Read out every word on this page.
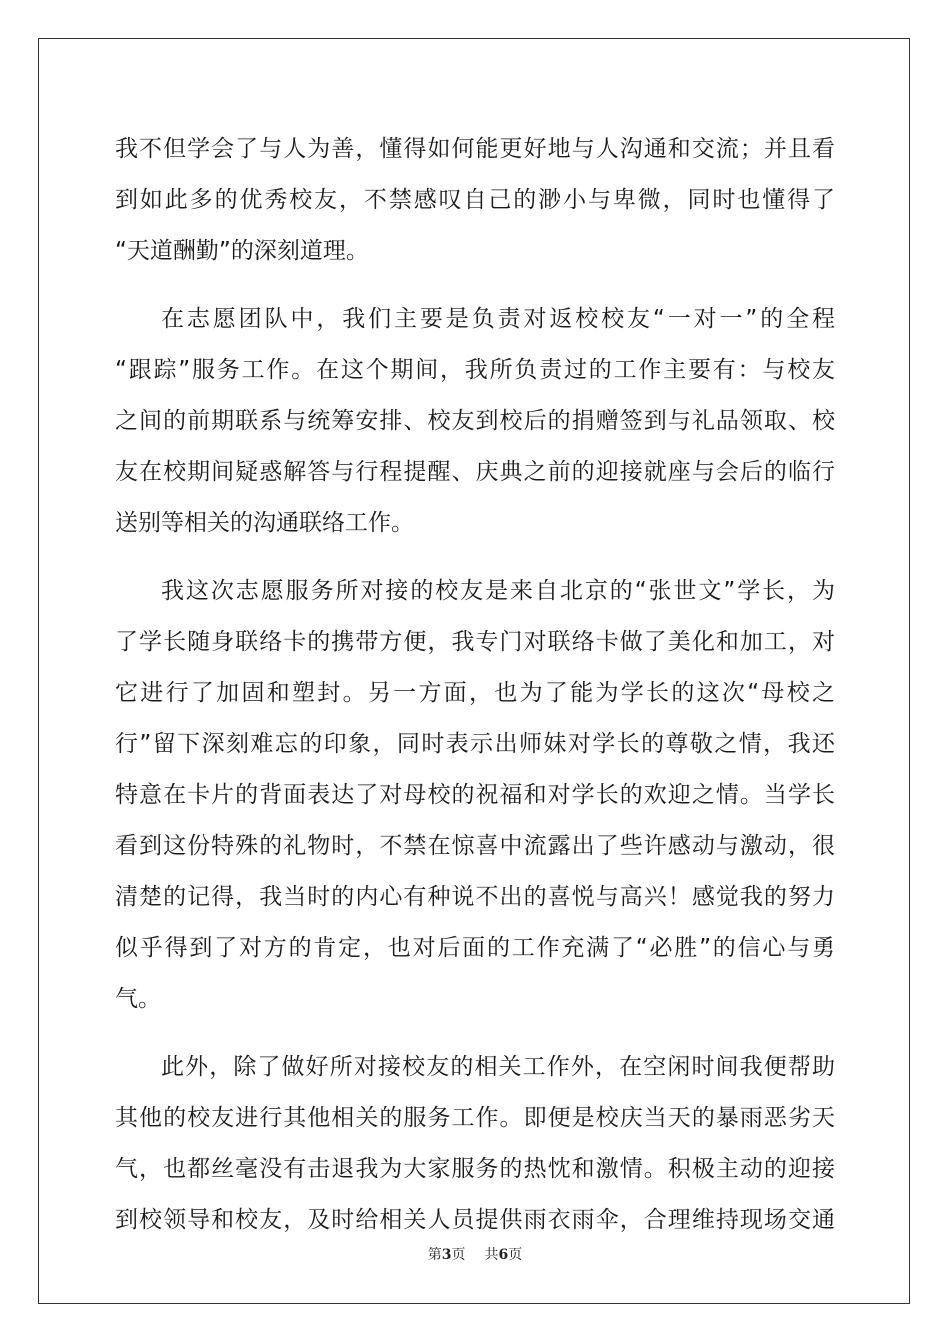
我不但学会了与人为善，懂得如何能更好地与人沟通和交流；并且看
到如此多的优秀校友，不禁感叹自己的渺小与卑微，同时也懂得了
“天道酬勤”的深刻道理。
在志愿团队中，我们主要是负责对返校校友“一对一”的全程
“跟踪”服务工作。在这个期间，我所负责过的工作主要有：与校友
之间的前期联系与统筹安排、校友到校后的捐赠签到与礼品领取、校
友在校期间疑惑解答与行程提醒、庆典之前的迎接就座与会后的临行
送别等相关的沟通联络工作。
我这次志愿服务所对接的校友是来自北京的“张世文”学长，为
了学长随身联络卡的携带方便，我专门对联络卡做了美化和加工，对
它进行了加固和塑封。另一方面，也为了能为学长的这次“母校之
行”留下深刻难忘的印象，同时表示出师妹对学长的尊敬之情，我还
特意在卡片的背面表达了对母校的祝福和对学长的欢迎之情。当学长
看到这份特殊的礼物时，不禁在惊喜中流露出了些许感动与激动，很
清楚的记得，我当时的内心有种说不出的喜悦与高兴！感觉我的努力
似乎得到了对方的肯定，也对后面的工作充满了“必胜”的信心与勇
气。
此外，除了做好所对接校友的相关工作外，在空闲时间我便帮助
其他的校友进行其他相关的服务工作。即便是校庆当天的暴雨恶劣天
气，也都丝毫没有击退我为大家服务的热忱和激情。积极主动的迎接
到校领导和校友，及时给相关人员提供雨衣雨伞，合理维持现场交通
第3页 共6页
